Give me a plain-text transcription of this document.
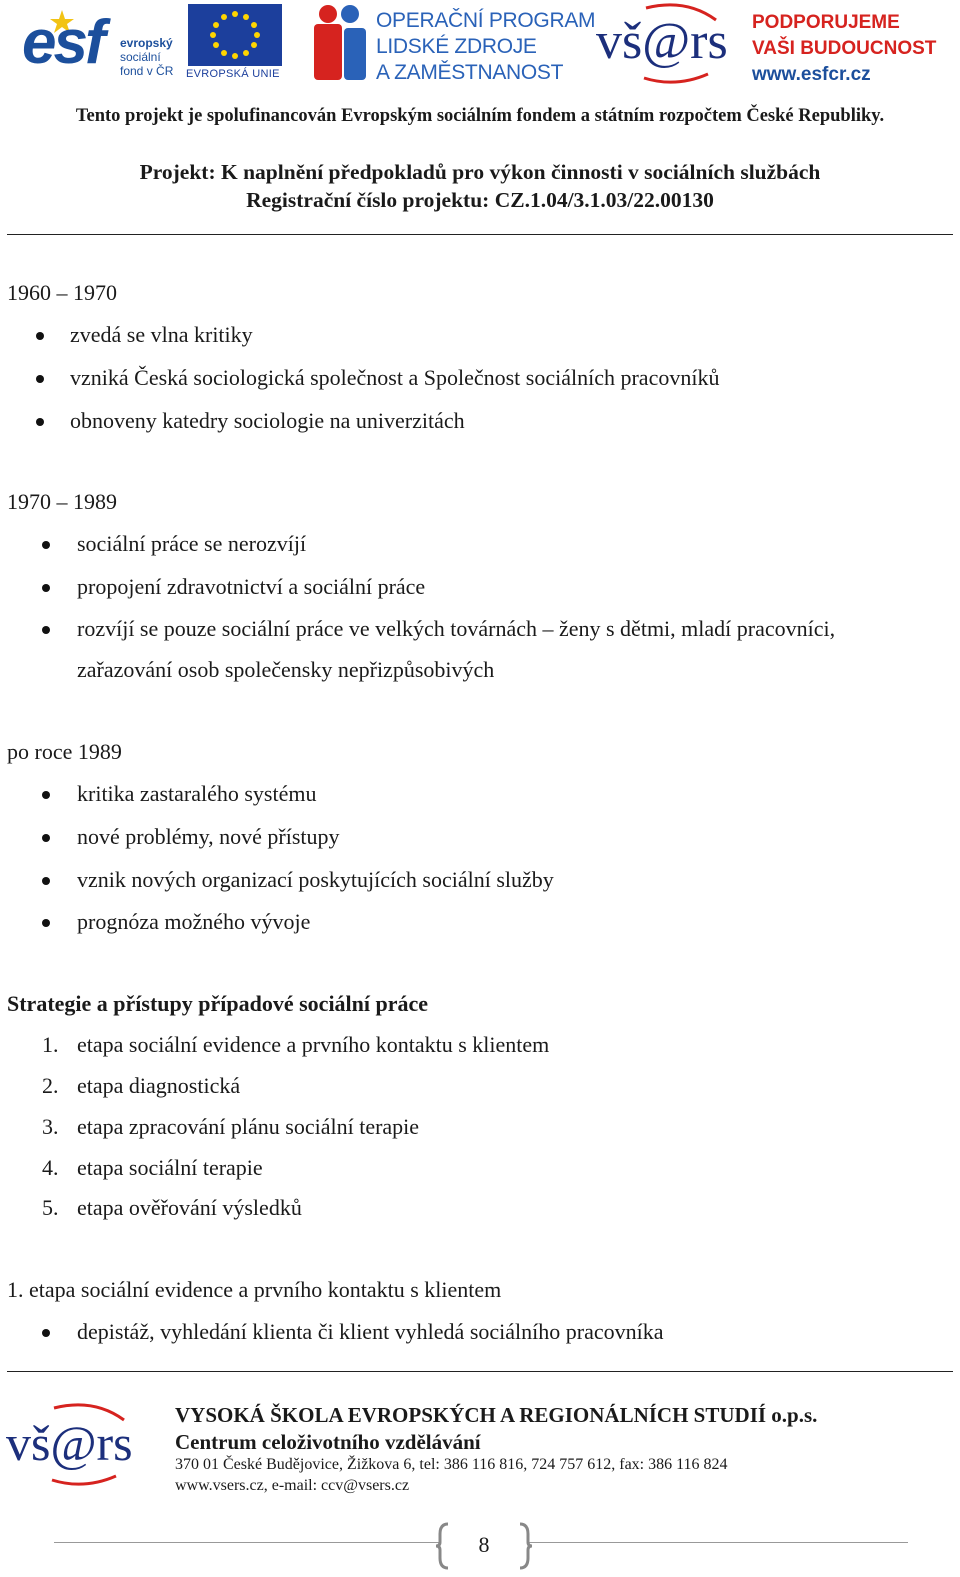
esf evropský
sociální
fond v ČR EVROPSKÁ UNIE
OPERAČNÍ PROGRAM
LIDSKÉ ZDROJE
A ZAMĚSTNANOST
vš@rs PODPORUJEME
VAŠI BUDOUCNOST
www.esfcr.cz
Tento projekt je spolufinancován Evropským sociálním fondem a státním rozpočtem České Republiky.
Projekt: K naplnění předpokladů pro výkon činnosti v sociálních službách
Registrační číslo projektu: CZ.1.04/3.1.03/22.00130
1960 – 1970
zvedá se vlna kritiky
vzniká Česká sociologická společnost a Společnost sociálních pracovníků
obnoveny katedry sociologie na univerzitách
1970 – 1989
sociální práce se nerozvíjí
propojení zdravotnictví a sociální práce
rozvíjí se pouze sociální práce ve velkých továrnách – ženy s dětmi, mladí pracovníci,
zařazování osob společensky nepřizpůsobivých
po roce 1989
kritika zastaralého systému
nové problémy, nové přístupy
vznik nových organizací poskytujících sociální služby
prognóza možného vývoje
Strategie a přístupy případové sociální práce
1. etapa sociální evidence a prvního kontaktu s klientem
2. etapa diagnostická
3. etapa zpracování plánu sociální terapie
4. etapa sociální terapie
5. etapa ověřování výsledků
1. etapa sociální evidence a prvního kontaktu s klientem
depistáž, vyhledání klienta či klient vyhledá sociálního pracovníka
vš@rs VYSOKÁ ŠKOLA EVROPSKÝCH A REGIONÁLNÍCH STUDIÍ o.p.s.
Centrum celoživotního vzdělávání
370 01 České Budějovice, Žižkova 6, tel: 386 116 816, 724 757 612, fax: 386 116 824
www.vsers.cz, e-mail: ccv@vsers.cz
8
